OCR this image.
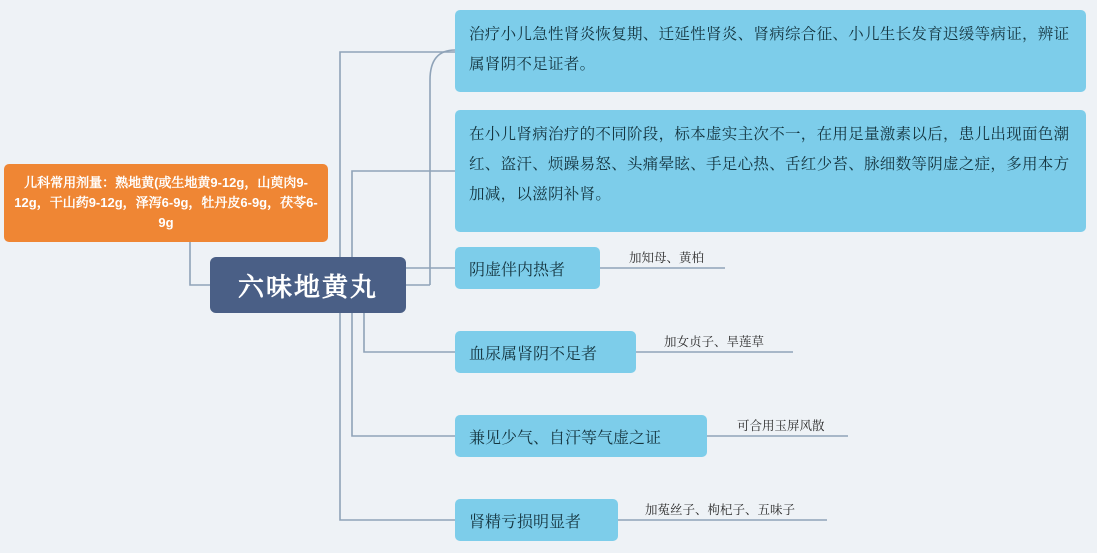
儿科常用剂量：熟地黄(或生地黄9-12g，山萸肉9-12g，干山药9-12g，泽泻6-9g，牡丹皮6-9g，茯苓6-9g
六味地黄丸
治疗小儿急性肾炎恢复期、迁延性肾炎、肾病综合征、小儿生长发育迟缓等病证，辨证属肾阴不足证者。
在小儿肾病治疗的不同阶段，标本虚实主次不一，在用足量激素以后，患儿出现面色潮红、盗汗、烦躁易怒、头痛晕眩、手足心热、舌红少苔、脉细数等阴虚之症，多用本方加减，以滋阴补肾。
阴虚伴内热者
加知母、黄柏
血尿属肾阴不足者
加女贞子、旱莲草
兼见少气、自汗等气虚之证
可合用玉屏风散
肾精亏损明显者
加菟丝子、枸杞子、五味子
